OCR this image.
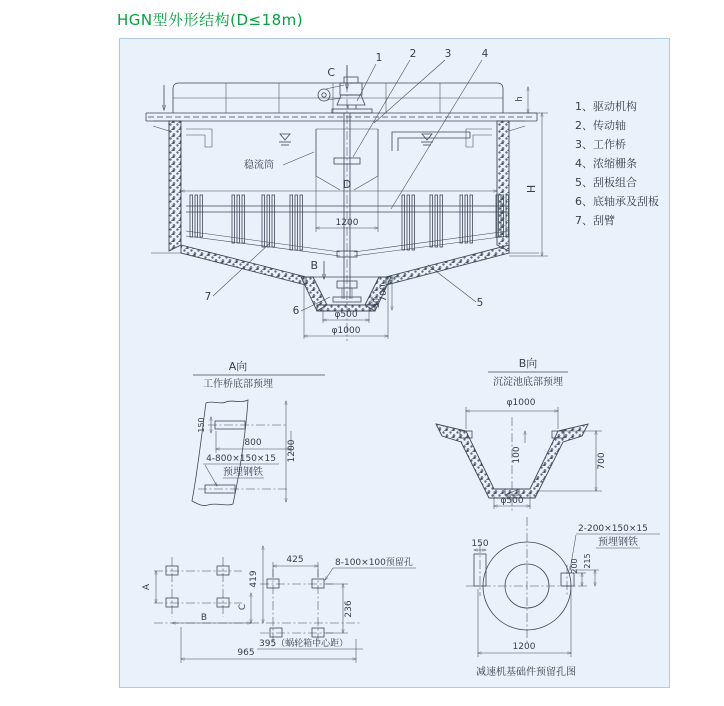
HGN型外形结构(D≤18m)
C
1	2	3	4
h
稳流筒
D
1200
B
700
30
φ500
φ1000
7
6
5
H
A向
工作桥底部预埋
150
800	1200
4-800×150×15
预埋钢铁
B向
沉淀池底部预埋
φ1000
100	700
φ500
A
B
C
419
425	8-100×100预留孔
236
395（蜗轮箱中心距）
965
150
2-200×150×15
预埋钢铁
200 215
1200
减速机基础件预留孔图
1、驱动机构
2、传动轴
3、工作桥
4、浓缩栅条
5、刮板组合
6、底轴承及刮板
7、刮臂
